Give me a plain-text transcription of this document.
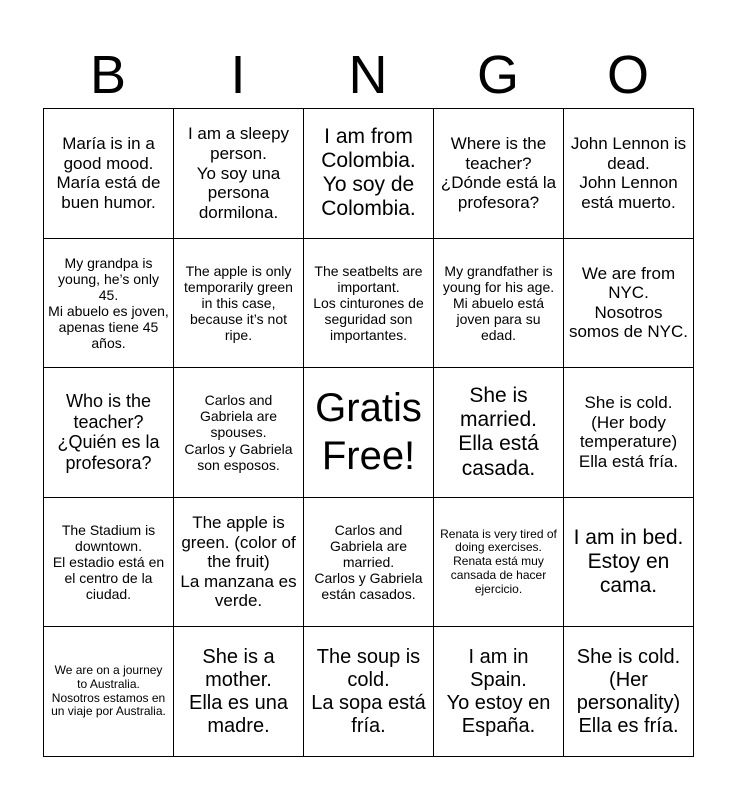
B	I	N	G	O

María is in a good mood.
María está de buen humor.

I am a sleepy person.
Yo soy una persona dormilona.

I am from Colombia.
Yo soy de Colombia.

Where is the teacher?
¿Dónde está la profesora?

John Lennon is dead.
John Lennon está muerto.

My grandpa is young, he’s only 45.
Mi abuelo es joven, apenas tiene 45 años.

The apple is only temporarily green in this case, because it’s not ripe.

The seatbelts are important.
Los cinturones de seguridad son importantes.

My grandfather is young for his age.
Mi abuelo está joven para su edad.

We are from NYC.
Nosotros somos de NYC.

Who is the teacher?
¿Quién es la profesora?

Carlos and Gabriela are spouses.
Carlos y Gabriela son esposos.

Gratis
Free!

She is married.
Ella está casada.

She is cold.
(Her body temperature)
Ella está fría.

The Stadium is downtown.
El estadio está en el centro de la ciudad.

The apple is green. (color of the fruit)
La manzana es verde.

Carlos and Gabriela are married.
Carlos y Gabriela están casados.

Renata is very tired of doing exercises.
Renata está muy cansada de hacer ejercicio.

I am in bed.
Estoy en cama.

We are on a journey to Australia.
Nosotros estamos en un viaje por Australia.

She is a mother.
Ella es una madre.

The soup is cold.
La sopa está fría.

I am in Spain.
Yo estoy en España.

She is cold.
(Her personality)
Ella es fría.
